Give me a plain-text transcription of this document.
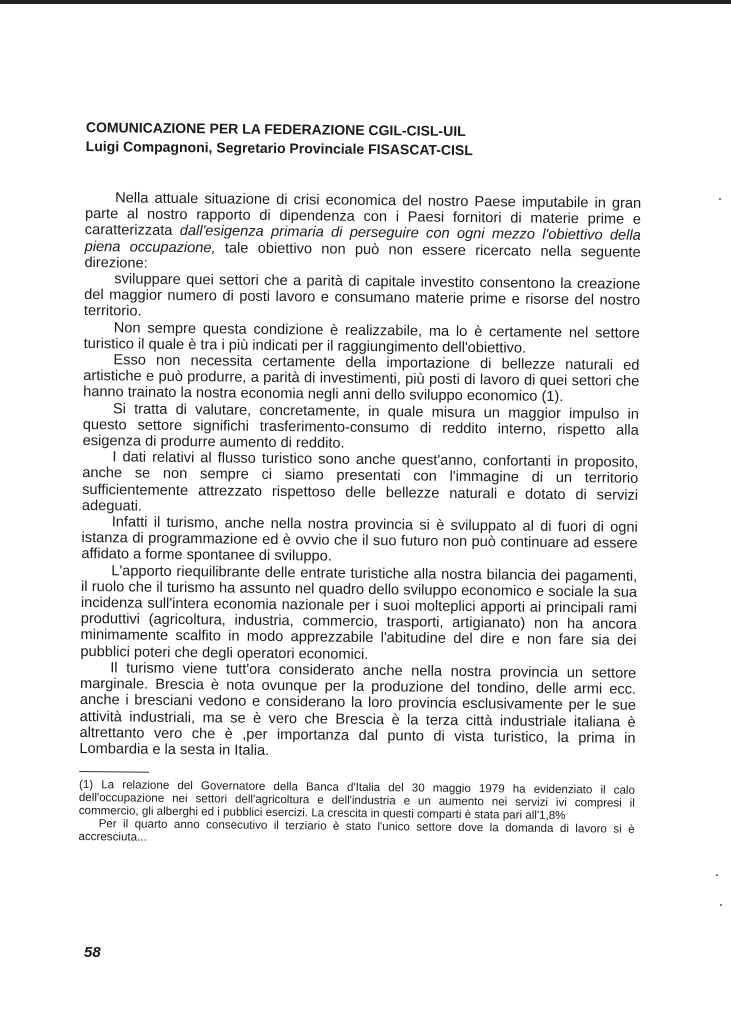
COMUNICAZIONE PER LA FEDERAZIONE CGIL-CISL-UIL
Luigi Compagnoni, Segretario Provinciale FISASCAT-CISL

Nella attuale situazione di crisi economica del nostro Paese imputabile in gran parte al nostro rapporto di dipendenza con i Paesi fornitori di materie prime e caratterizzata dall'esigenza primaria di perseguire con ogni mezzo l'obiettivo della piena occupazione, tale obiettivo non può non essere ricercato nella seguente direzione:

sviluppare quei settori che a parità di capitale investito consentono la creazione del maggior numero di posti lavoro e consumano materie prime e risorse del nostro territorio.

Non sempre questa condizione è realizzabile, ma lo è certamente nel settore turistico il quale è tra i più indicati per il raggiungimento dell'obiettivo.

Esso non necessita certamente della importazione di bellezze naturali ed artistiche e può produrre, a parità di investimenti, più posti di lavoro di quei settori che hanno trainato la nostra economia negli anni dello sviluppo economico (1).

Si tratta di valutare, concretamente, in quale misura un maggior impulso in questo settore significhi trasferimento-consumo di reddito interno, rispetto alla esigenza di produrre aumento di reddito.

I dati relativi al flusso turistico sono anche quest'anno, confortanti in proposito, anche se non sempre ci siamo presentati con l'immagine di un territorio sufficientemente attrezzato rispettoso delle bellezze naturali e dotato di servizi adeguati.

Infatti il turismo, anche nella nostra provincia si è sviluppato al di fuori di ogni istanza di programmazione ed è ovvio che il suo futuro non può continuare ad essere affidato a forme spontanee di sviluppo.

L'apporto riequilibrante delle entrate turistiche alla nostra bilancia dei pagamenti, il ruolo che il turismo ha assunto nel quadro dello sviluppo economico e sociale la sua incidenza sull'intera economia nazionale per i suoi molteplici apporti ai principali rami produttivi (agricoltura, industria, commercio, trasporti, artigianato) non ha ancora minimamente scalfito in modo apprezzabile l'abitudine del dire e non fare sia dei pubblici poteri che degli operatori economici.

Il turismo viene tutt'ora considerato anche nella nostra provincia un settore marginale. Brescia è nota ovunque per la produzione del tondino, delle armi ecc. anche i bresciani vedono e considerano la loro provincia esclusivamente per le sue attività industriali, ma se è vero che Brescia è la terza città industriale italiana è altrettanto vero che è ,per importanza dal punto di vista turistico, la prima in Lombardia e la sesta in Italia.

(1) La relazione del Governatore della Banca d'Italia del 30 maggio 1979 ha evidenziato il calo dell'occupazione nei settori dell'agricoltura e dell'industria e un aumento nei servizi ivi compresi il commercio, gli alberghi ed i pubblici esercizi. La crescita in questi comparti è stata pari all'1,8%

Per il quarto anno consecutivo il terziario è stato l'unico settore dove la domanda di lavoro si è accresciuta...

58
